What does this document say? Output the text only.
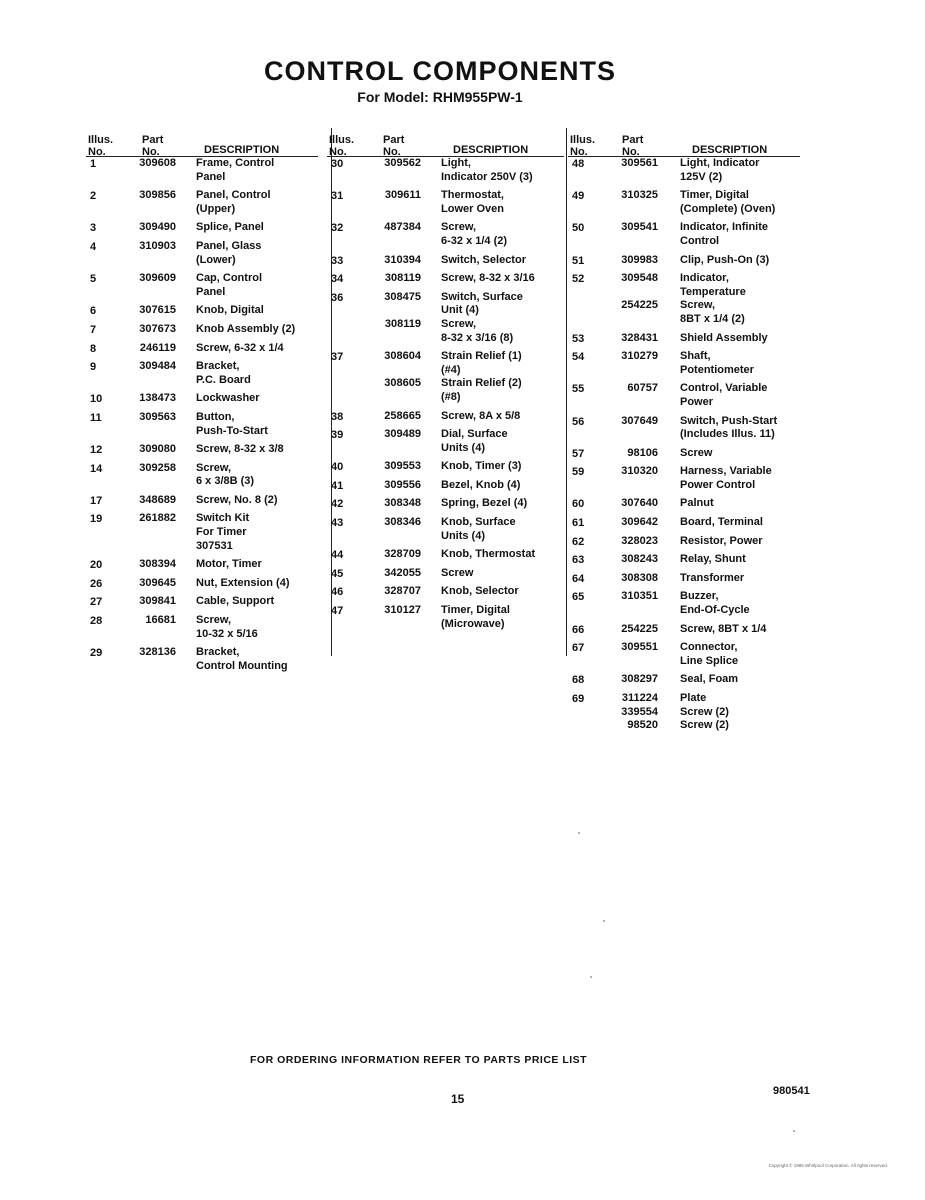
CONTROL COMPONENTS
For Model: RHM955PW-1
Illus.
No.
Part
No.	DESCRIPTION
1	309608 Frame, Control
Panel
2	309856 Panel, Control
(Upper)
3	309490 Splice, Panel
4	310903 Panel, Glass
(Lower)
5	309609 Cap, Control
Panel
6	307615 Knob, Digital
7	307673 Knob Assembly (2)
8	246119 Screw, 6-32 x 1/4
9	309484 Bracket,
P.C. Board
10	138473 Lockwasher
11	309563 Button,
Push-To-Start
12	309080 Screw, 8-32 x 3/8
14	309258 Screw,
6 x 3/8B (3)
17	348689 Screw, No. 8 (2)
19	261882 Switch Kit
For Timer
307531
20	308394 Motor, Timer
26	309645 Nut, Extension (4)
27	309841 Cable, Support
28	16681 Screw,
10-32 x 5/16
29	328136 Bracket,
Control Mounting
Illus.
No.
Part
No.	DESCRIPTION
30	309562 Light,
Indicator 250V (3)
31	309611 Thermostat,
Lower Oven
32	487384 Screw,
6-32 x 1/4 (2)
33	310394 Switch, Selector
34	308119 Screw, 8-32 x 3/16
36	308475 Switch, Surface
Unit (4)
308119 Screw,
8-32 x 3/16 (8)
37	308604 Strain Relief (1)
(#4)
308605 Strain Relief (2)
(#8)
38	258665 Screw, 8A x 5/8
39	309489 Dial, Surface
Units (4)
40	309553 Knob, Timer (3)
41	309556 Bezel, Knob (4)
42	308348 Spring, Bezel (4)
43	308346 Knob, Surface
Units (4)
44	328709 Knob, Thermostat
45	342055 Screw
46	328707 Knob, Selector
47	310127 Timer, Digital
(Microwave)
Illus.
No.
Part
No.	DESCRIPTION
48	309561 Light, Indicator
125V (2)
49	310325 Timer, Digital
(Complete) (Oven)
50	309541 Indicator, Infinite
Control
51	309983 Clip, Push-On (3)
52	309548 Indicator,
Temperature
254225 Screw,
8BT x 1/4 (2)
53	328431 Shield Assembly
54	310279 Shaft,
Potentiometer
55	60757 Control, Variable
Power
56	307649 Switch, Push-Start
(Includes Illus. 11)
57	98106 Screw
59	310320 Harness, Variable
Power Control
60	307640 Palnut
61	309642 Board, Terminal
62	328023 Resistor, Power
63	308243 Relay, Shunt
64	308308 Transformer
65	310351 Buzzer,
End-Of-Cycle
66	254225 Screw, 8BT x 1/4
67	309551 Connector,
Line Splice
68	308297 Seal, Foam
69	311224 Plate
339554 Screw (2)
98520 Screw (2)
FOR ORDERING INFORMATION REFER TO PARTS PRICE LIST
15
980541
Copyright © 1985 Whirlpool Corporation. All rights reserved.
